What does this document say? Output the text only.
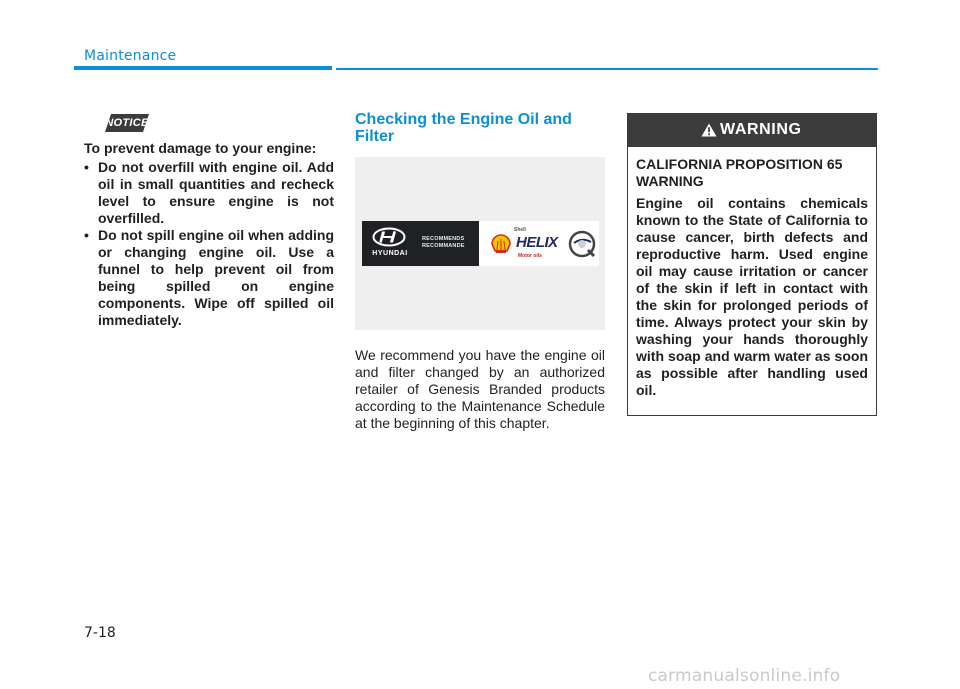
Maintenance
NOTICE

To prevent damage to your engine:

• Do not overfill with engine oil. Add oil in small quantities and recheck level to ensure engine is not overfilled.
• Do not spill engine oil when adding or changing engine oil. Use a funnel to help prevent oil from being spilled on engine components. Wipe off spilled oil immediately.
Checking the Engine Oil and Filter
HYUNDAI
RECOMMENDS
RECOMMANDE
Shell
HELIX
Motor oils

We recommend you have the engine oil and filter changed by an authorized retailer of Genesis Branded products according to the Maintenance Schedule at the beginning of this chapter.

WARNING

CALIFORNIA PROPOSITION 65 WARNING

Engine oil contains chemicals known to the State of California to cause cancer, birth defects and reproductive harm. Used engine oil may cause irritation or cancer of the skin if left in contact with the skin for prolonged periods of time. Always protect your skin by washing your hands thoroughly with soap and warm water as soon as possible after handling used oil.

7-18
carmanualsonline.info
